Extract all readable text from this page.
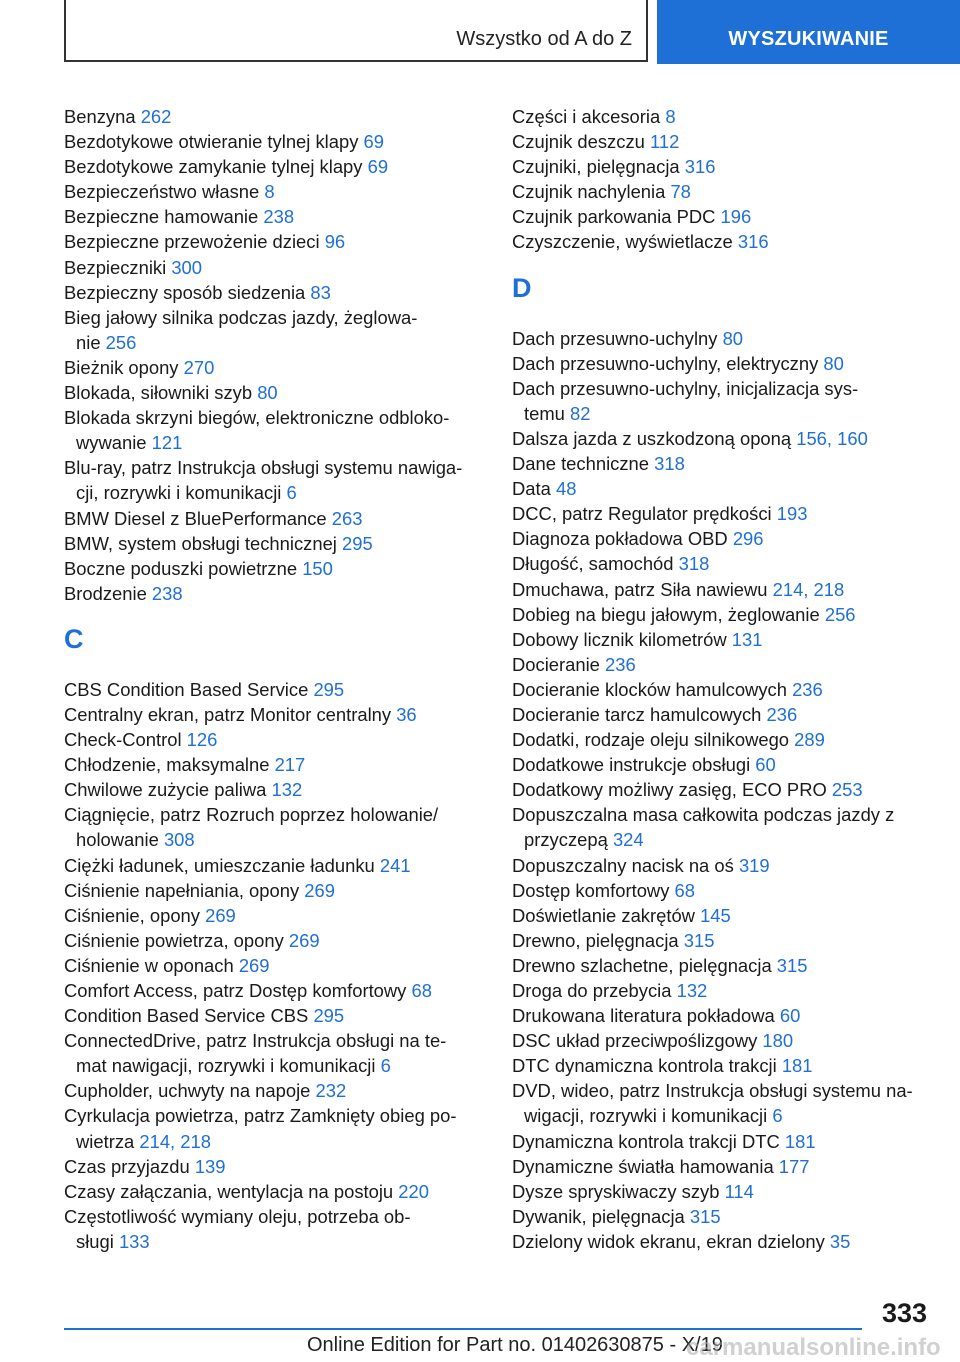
Wszystko od A do Z	WYSZUKIWANIE
Benzyna 262
Bezdotykowe otwieranie tylnej klapy 69
Bezdotykowe zamykanie tylnej klapy 69
Bezpieczeństwo własne 8
Bezpieczne hamowanie 238
Bezpieczne przewożenie dzieci 96
Bezpieczniki 300
Bezpieczny sposób siedzenia 83
Bieg jałowy silnika podczas jazdy, żeglowa-
nie 256
Bieżnik opony 270
Blokada, siłowniki szyb 80
Blokada skrzyni biegów, elektroniczne odbloko-
wywanie 121
Blu-ray, patrz Instrukcja obsługi systemu nawiga-
cji, rozrywki i komunikacji 6
BMW Diesel z BluePerformance 263
BMW, system obsługi technicznej 295
Boczne poduszki powietrzne 150
Brodzenie 238
C
CBS Condition Based Service 295
Centralny ekran, patrz Monitor centralny 36
Check-Control 126
Chłodzenie, maksymalne 217
Chwilowe zużycie paliwa 132
Ciągnięcie, patrz Rozruch poprzez holowanie/
holowanie 308
Ciężki ładunek, umieszczanie ładunku 241
Ciśnienie napełniania, opony 269
Ciśnienie, opony 269
Ciśnienie powietrza, opony 269
Ciśnienie w oponach 269
Comfort Access, patrz Dostęp komfortowy 68
Condition Based Service CBS 295
ConnectedDrive, patrz Instrukcja obsługi na te-
mat nawigacji, rozrywki i komunikacji 6
Cupholder, uchwyty na napoje 232
Cyrkulacja powietrza, patrz Zamknięty obieg po-
wietrza 214, 218
Czas przyjazdu 139
Czasy załączania, wentylacja na postoju 220
Częstotliwość wymiany oleju, potrzeba ob-
sługi 133
Części i akcesoria 8
Czujnik deszczu 112
Czujniki, pielęgnacja 316
Czujnik nachylenia 78
Czujnik parkowania PDC 196
Czyszczenie, wyświetlacze 316
D
Dach przesuwno-uchylny 80
Dach przesuwno-uchylny, elektryczny 80
Dach przesuwno-uchylny, inicjalizacja sys-
temu 82
Dalsza jazda z uszkodzoną oponą 156, 160
Dane techniczne 318
Data 48
DCC, patrz Regulator prędkości 193
Diagnoza pokładowa OBD 296
Długość, samochód 318
Dmuchawa, patrz Siła nawiewu 214, 218
Dobieg na biegu jałowym, żeglowanie 256
Dobowy licznik kilometrów 131
Docieranie 236
Docieranie klocków hamulcowych 236
Docieranie tarcz hamulcowych 236
Dodatki, rodzaje oleju silnikowego 289
Dodatkowe instrukcje obsługi 60
Dodatkowy możliwy zasięg, ECO PRO 253
Dopuszczalna masa całkowita podczas jazdy z
przyczepą 324
Dopuszczalny nacisk na oś 319
Dostęp komfortowy 68
Doświetlanie zakrętów 145
Drewno, pielęgnacja 315
Drewno szlachetne, pielęgnacja 315
Droga do przebycia 132
Drukowana literatura pokładowa 60
DSC układ przeciwpoślizgowy 180
DTC dynamiczna kontrola trakcji 181
DVD, wideo, patrz Instrukcja obsługi systemu na-
wigacji, rozrywki i komunikacji 6
Dynamiczna kontrola trakcji DTC 181
Dynamiczne światła hamowania 177
Dysze spryskiwaczy szyb 114
Dywanik, pielęgnacja 315
Dzielony widok ekranu, ekran dzielony 35
333
Online Edition for Part no. 01402630875 - X/19
carmanualsonline.info
